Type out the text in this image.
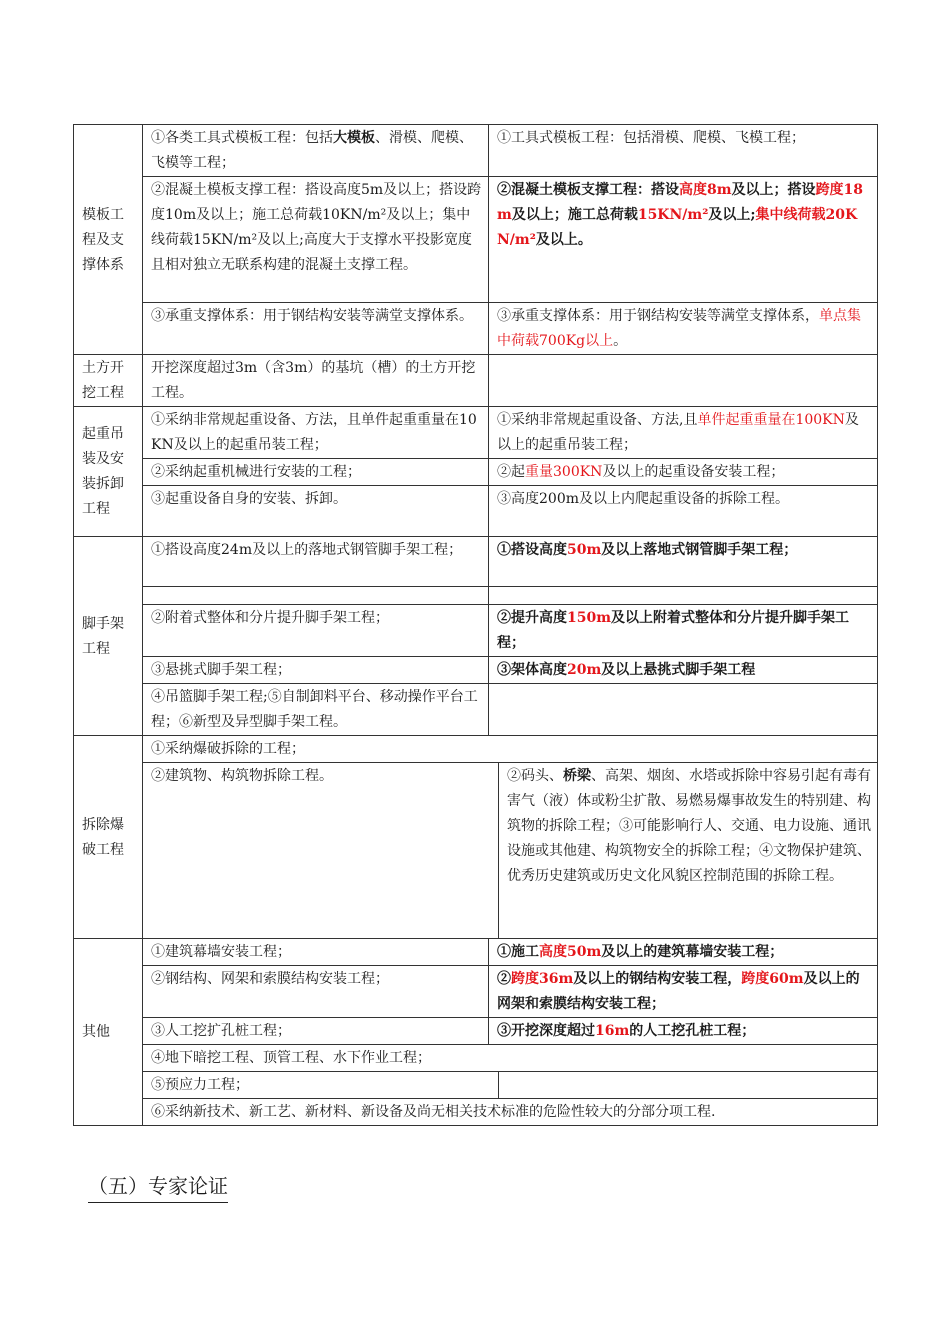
模板工程及支撑体系	①各类工具式模板工程：包括大模板、滑模、爬模、飞模等工程；	①工具式模板工程：包括滑模、爬模、飞模工程；	
	②混凝土模板支撑工程：搭设高度5m及以上；搭设跨度10m及以上；施工总荷载10KN/m²及以上；集中线荷载15KN/m²及以上;高度大于支撑水平投影宽度且相对独立无联系构建的混凝土支撑工程。	②混凝土模板支撑工程：搭设高度8m及以上；搭设跨度18m及以上；施工总荷载15KN/m²及以上;集中线荷载20KN/m²及以上。	
	③承重支撑体系：用于钢结构安装等满堂支撑体系。	③承重支撑体系：用于钢结构安装等满堂支撑体系，单点集中荷载700Kg以上。	
土方开挖工程	开挖深度超过3m（含3m）的基坑（槽）的土方开挖工程。		
起重吊装及安装拆卸工程	①采纳非常规起重设备、方法，且单件起重重量在10KN及以上的起重吊装工程；	①采纳非常规起重设备、方法,且单件起重重量在100KN及以上的起重吊装工程；	
	②采纳起重机械进行安装的工程；	②起重量300KN及以上的起重设备安装工程；	
	③起重设备自身的安装、拆卸。	③高度200m及以上内爬起重设备的拆除工程。	
脚手架工程	①搭设高度24m及以上的落地式钢管脚手架工程；	①搭设高度50m及以上落地式钢管脚手架工程；	

	②附着式整体和分片提升脚手架工程；	②提升高度150m及以上附着式整体和分片提升脚手架工程；	
	③悬挑式脚手架工程；	③架体高度20m及以上悬挑式脚手架工程	
	④吊篮脚手架工程;⑤自制卸料平台、移动操作平台工程；⑥新型及异型脚手架工程。		
拆除爆破工程	①采纳爆破拆除的工程；		
	②建筑物、构筑物拆除工程。		②码头、桥梁、高架、烟囱、水塔或拆除中容易引起有毒有害气（液）体或粉尘扩散、易燃易爆事故发生的特别建、构筑物的拆除工程；③可能影响行人、交通、电力设施、通讯设施或其他建、构筑物安全的拆除工程；④文物保护建筑、优秀历史建筑或历史文化风貌区控制范围的拆除工程。
其他	①建筑幕墙安装工程；	①施工高度50m及以上的建筑幕墙安装工程；	
	②钢结构、网架和索膜结构安装工程；	②跨度36m及以上的钢结构安装工程，跨度60m及以上的网架和索膜结构安装工程；	
	③人工挖扩孔桩工程；	③开挖深度超过16m的人工挖孔桩工程；	
	④地下暗挖工程、顶管工程、水下作业工程；		
	⑤预应力工程；		
	⑥采纳新技术、新工艺、新材料、新设备及尚无相关技术标准的危险性较大的分部分项工程.		
（五）专家论证
